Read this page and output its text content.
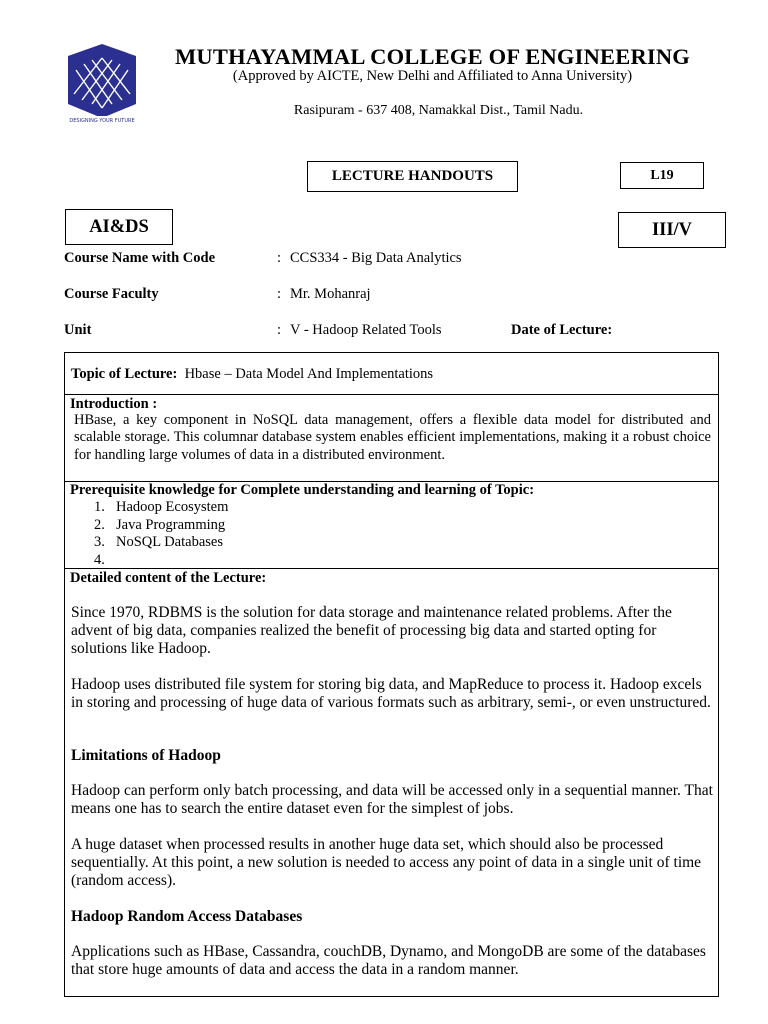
DESIGNING YOUR FUTURE
MUTHAYAMMAL COLLEGE OF ENGINEERING
(Approved by AICTE, New Delhi and Affiliated to Anna University)
Rasipuram - 637 408, Namakkal Dist., Tamil Nadu.
LECTURE HANDOUTS	L19
AI&DS	III/V
Course Name with Code	: CCS334 - Big Data Analytics
Course Faculty	: Mr. Mohanraj
Unit	: V - Hadoop Related Tools	Date of Lecture:
Topic of Lecture: Hbase – Data Model And Implementations
Introduction :
HBase, a key component in NoSQL data management, offers a flexible data model for distributed and scalable storage. This columnar database system enables efficient implementations, making it a robust choice for handling large volumes of data in a distributed environment.
Prerequisite knowledge for Complete understanding and learning of Topic:
1. Hadoop Ecosystem
2. Java Programming
3. NoSQL Databases
4.
Detailed content of the Lecture:
Since 1970, RDBMS is the solution for data storage and maintenance related problems. After the advent of big data, companies realized the benefit of processing big data and started opting for solutions like Hadoop.
Hadoop uses distributed file system for storing big data, and MapReduce to process it. Hadoop excels in storing and processing of huge data of various formats such as arbitrary, semi-, or even unstructured.
Limitations of Hadoop
Hadoop can perform only batch processing, and data will be accessed only in a sequential manner. That means one has to search the entire dataset even for the simplest of jobs.
A huge dataset when processed results in another huge data set, which should also be processed sequentially. At this point, a new solution is needed to access any point of data in a single unit of time (random access).
Hadoop Random Access Databases
Applications such as HBase, Cassandra, couchDB, Dynamo, and MongoDB are some of the databases that store huge amounts of data and access the data in a random manner.
